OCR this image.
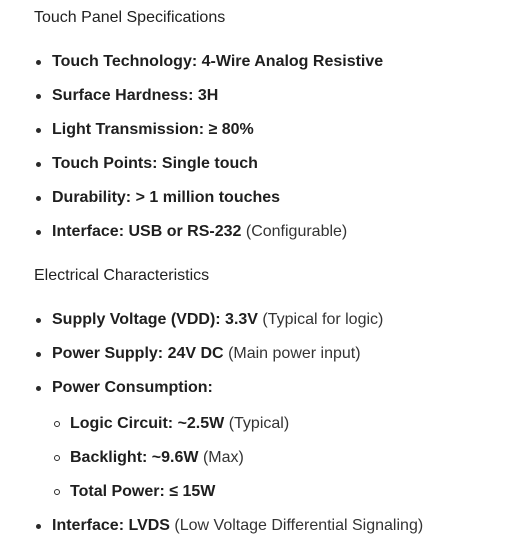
Touch Panel Specifications
Touch Technology: 4-Wire Analog Resistive
Surface Hardness: 3H
Light Transmission: ≥ 80%
Touch Points: Single touch
Durability: > 1 million touches
Interface: USB or RS-232 (Configurable)
Electrical Characteristics
Supply Voltage (VDD): 3.3V (Typical for logic)
Power Supply: 24V DC (Main power input)
Power Consumption:
Logic Circuit: ~2.5W (Typical)
Backlight: ~9.6W (Max)
Total Power: ≤ 15W
Interface: LVDS (Low Voltage Differential Signaling)
